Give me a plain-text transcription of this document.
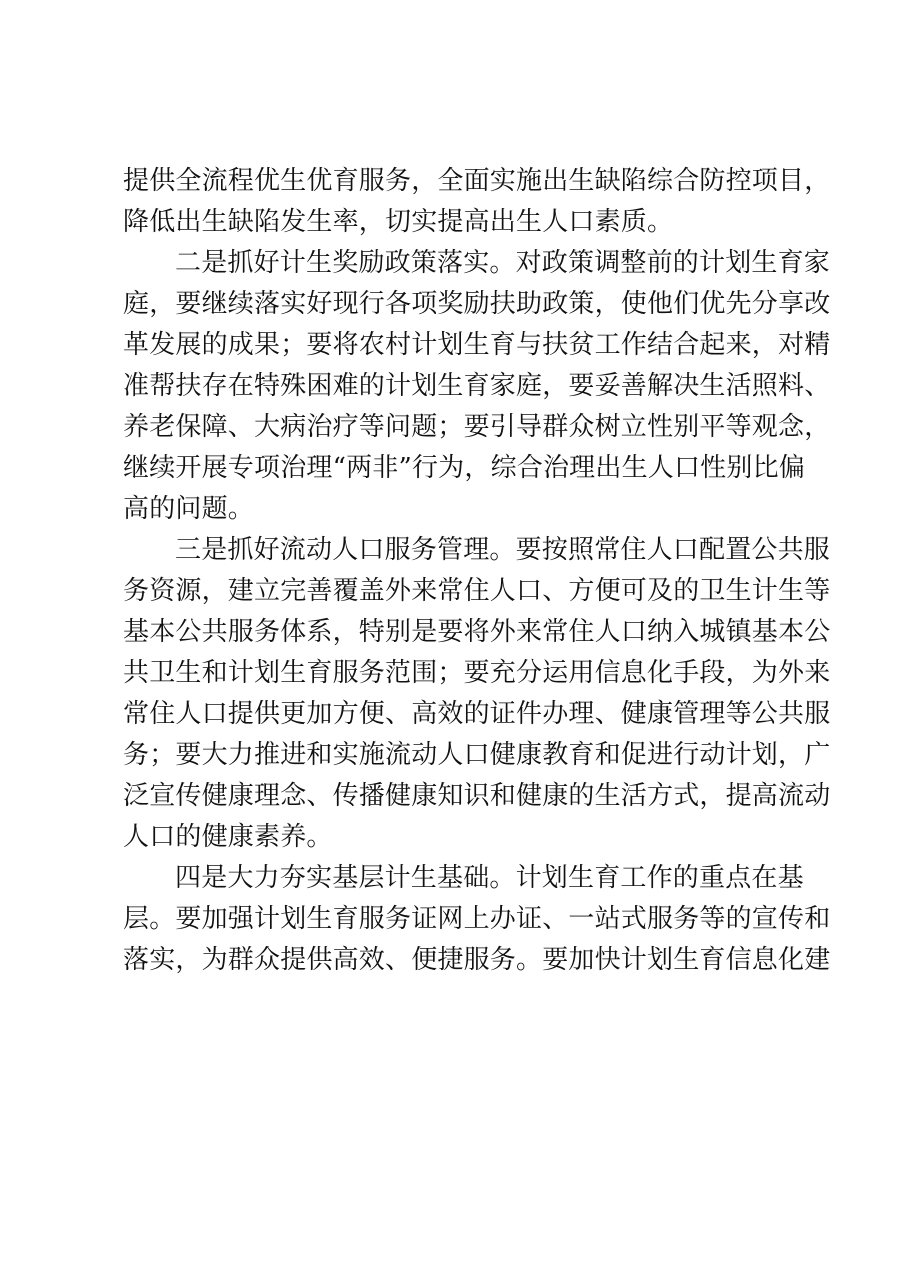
提供全流程优生优育服务，全面实施出生缺陷综合防控项目，
降低出生缺陷发生率，切实提高出生人口素质。
二是抓好计生奖励政策落实。对政策调整前的计划生育家
庭，要继续落实好现行各项奖励扶助政策，使他们优先分享改
革发展的成果；要将农村计划生育与扶贫工作结合起来，对精
准帮扶存在特殊困难的计划生育家庭，要妥善解决生活照料、
养老保障、大病治疗等问题；要引导群众树立性别平等观念，
继续开展专项治理“两非”行为，综合治理出生人口性别比偏
高的问题。
三是抓好流动人口服务管理。要按照常住人口配置公共服
务资源，建立完善覆盖外来常住人口、方便可及的卫生计生等
基本公共服务体系，特别是要将外来常住人口纳入城镇基本公
共卫生和计划生育服务范围；要充分运用信息化手段，为外来
常住人口提供更加方便、高效的证件办理、健康管理等公共服
务；要大力推进和实施流动人口健康教育和促进行动计划，广
泛宣传健康理念、传播健康知识和健康的生活方式，提高流动
人口的健康素养。
四是大力夯实基层计生基础。计划生育工作的重点在基
层。要加强计划生育服务证网上办证、一站式服务等的宣传和
落实，为群众提供高效、便捷服务。要加快计划生育信息化建
